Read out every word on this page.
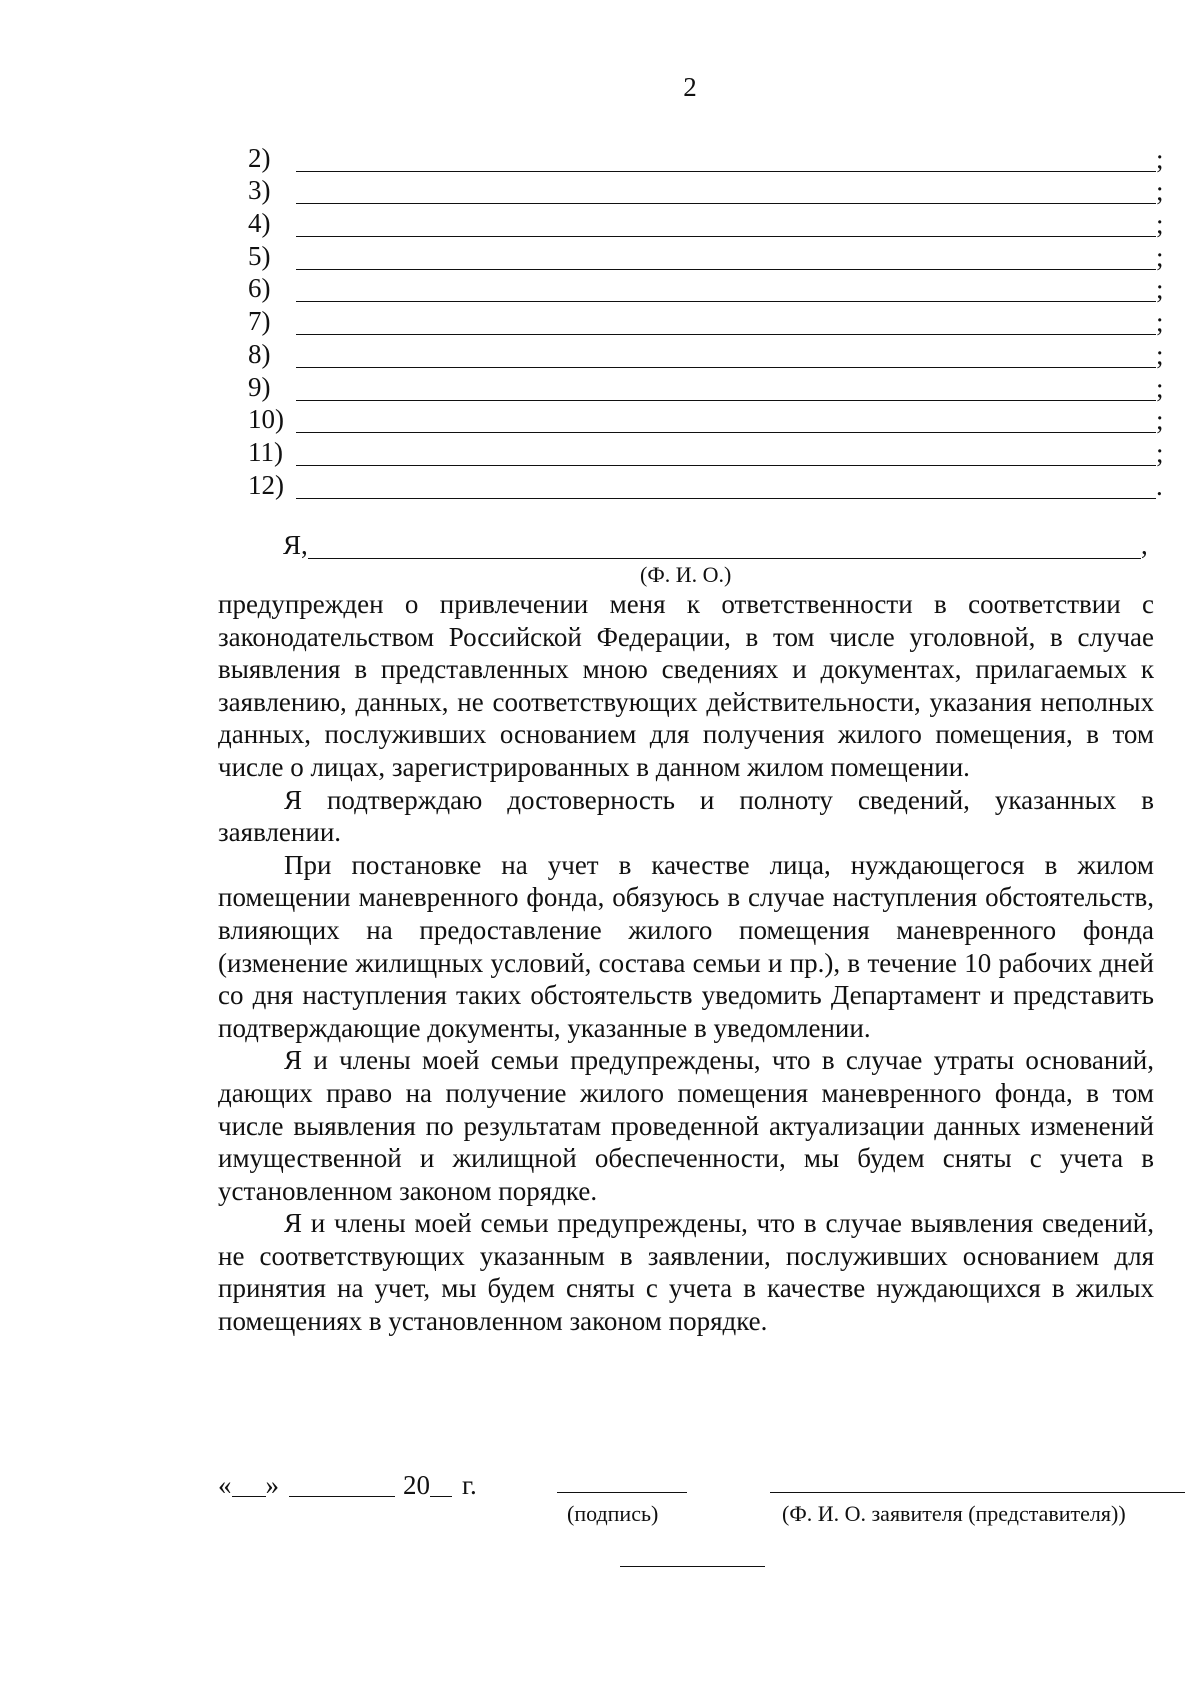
2
2)	;
3)	;
4)	;
5)	;
6)	;
7)	;
8)	;
9)	;
10)	;
11)	;
12)	.
Я,	,
(Ф. И. О.)

предупрежден о привлечении меня к ответственности в соответствии с законодательством Российской Федерации, в том числе уголовной, в случае выявления в представленных мною сведениях и документах, прилагаемых к заявлению, данных, не соответствующих действительности, указания неполных данных, послуживших основанием для получения жилого помещения, в том числе о лицах, зарегистрированных в данном жилом помещении.

Я подтверждаю достоверность и полноту сведений, указанных в заявлении.

При постановке на учет в качестве лица, нуждающегося в жилом помещении маневренного фонда, обязуюсь в случае наступления обстоятельств, влияющих на предоставление жилого помещения маневренного фонда (изменение жилищных условий, состава семьи и пр.), в течение 10 рабочих дней со дня наступления таких обстоятельств уведомить Департамент и представить подтверждающие документы, указанные в уведомлении.

Я и члены моей семьи предупреждены, что в случае утраты оснований, дающих право на получение жилого помещения маневренного фонда, в том числе выявления по результатам проведенной актуализации данных изменений имущественной и жилищной обеспеченности, мы будем сняты с учета в установленном законом порядке.

Я и члены моей семьи предупреждены, что в случае выявления сведений, не соответствующих указанным в заявлении, послуживших основанием для принятия на учет, мы будем сняты с учета в качестве нуждающихся в жилых помещениях в установленном законом порядке.

« »	20 г.
(подпись)	(Ф. И. О. заявителя (представителя))
